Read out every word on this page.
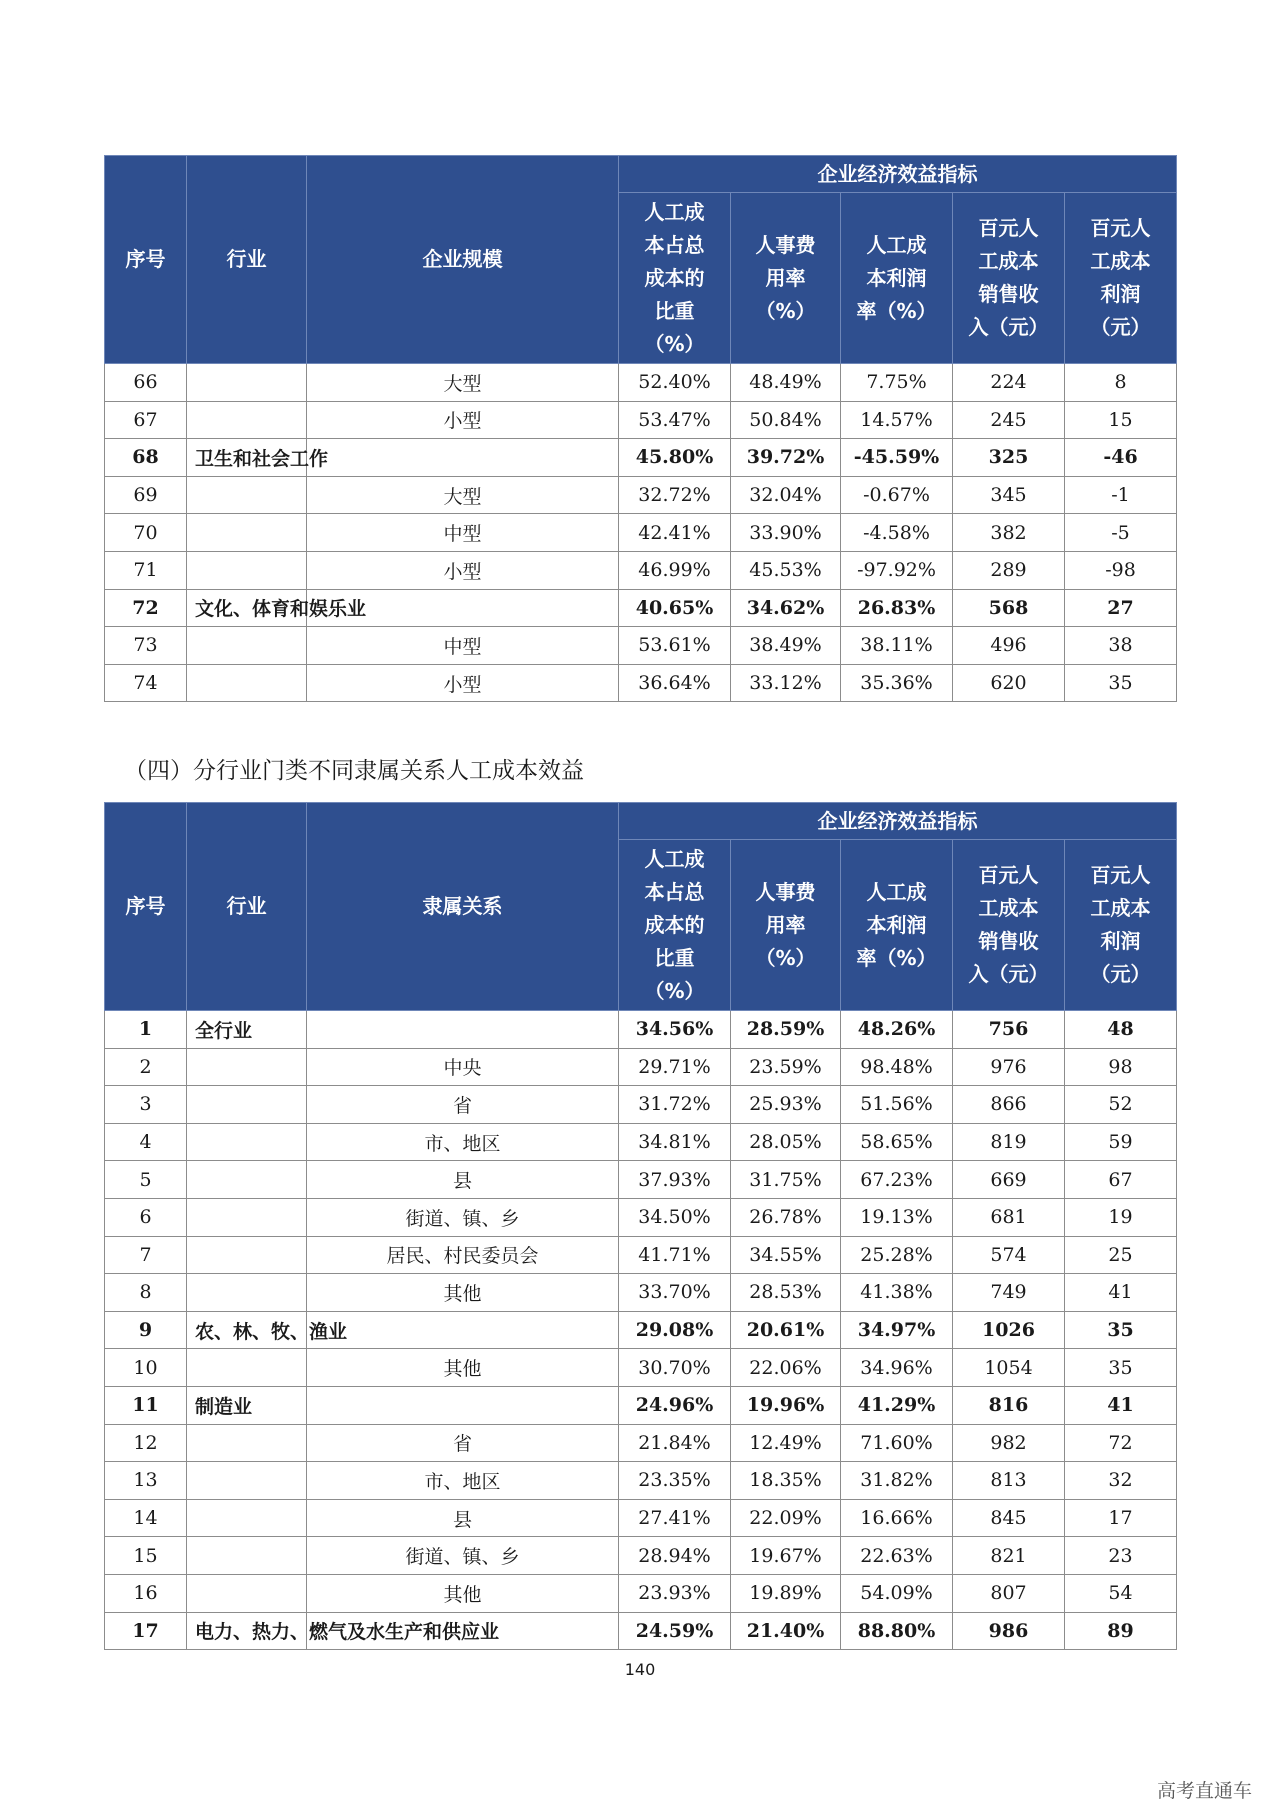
序号	行业	企业规模	企业经济效益指标				
			人工成
本占总
成本的
比重
（%）	人事费
用率
（%）	人工成
本利润
率（%）	百元人
工成本
销售收
入（元）	百元人
工成本
利润
（元）
66		大型	52.40%	48.49%	7.75%	224	8
67		小型	53.47%	50.84%	14.57%	245	15
68	卫生和社会工作		45.80%	39.72%	-45.59%	325	-46
69		大型	32.72%	32.04%	-0.67%	345	-1
70		中型	42.41%	33.90%	-4.58%	382	-5
71		小型	46.99%	45.53%	-97.92%	289	-98
72	文化、体育和娱乐业		40.65%	34.62%	26.83%	568	27
73		中型	53.61%	38.49%	38.11%	496	38
74		小型	36.64%	33.12%	35.36%	620	35
（四）分行业门类不同隶属关系人工成本效益
序号	行业	隶属关系	企业经济效益指标				
			人工成
本占总
成本的
比重
（%）	人事费
用率
（%）	人工成
本利润
率（%）	百元人
工成本
销售收
入（元）	百元人
工成本
利润
（元）
1	全行业		34.56%	28.59%	48.26%	756	48
2		中央	29.71%	23.59%	98.48%	976	98
3		省	31.72%	25.93%	51.56%	866	52
4		市、地区	34.81%	28.05%	58.65%	819	59
5		县	37.93%	31.75%	67.23%	669	67
6		街道、镇、乡	34.50%	26.78%	19.13%	681	19
7		居民、村民委员会	41.71%	34.55%	25.28%	574	25
8		其他	33.70%	28.53%	41.38%	749	41
9	农、林、牧、渔业		29.08%	20.61%	34.97%	1026	35
10		其他	30.70%	22.06%	34.96%	1054	35
11	制造业		24.96%	19.96%	41.29%	816	41
12		省	21.84%	12.49%	71.60%	982	72
13		市、地区	23.35%	18.35%	31.82%	813	32
14		县	27.41%	22.09%	16.66%	845	17
15		街道、镇、乡	28.94%	19.67%	22.63%	821	23
16		其他	23.93%	19.89%	54.09%	807	54
17	电力、热力、燃气及水生产和供应业		24.59%	21.40%	88.80%	986	89
140
高考直通车
